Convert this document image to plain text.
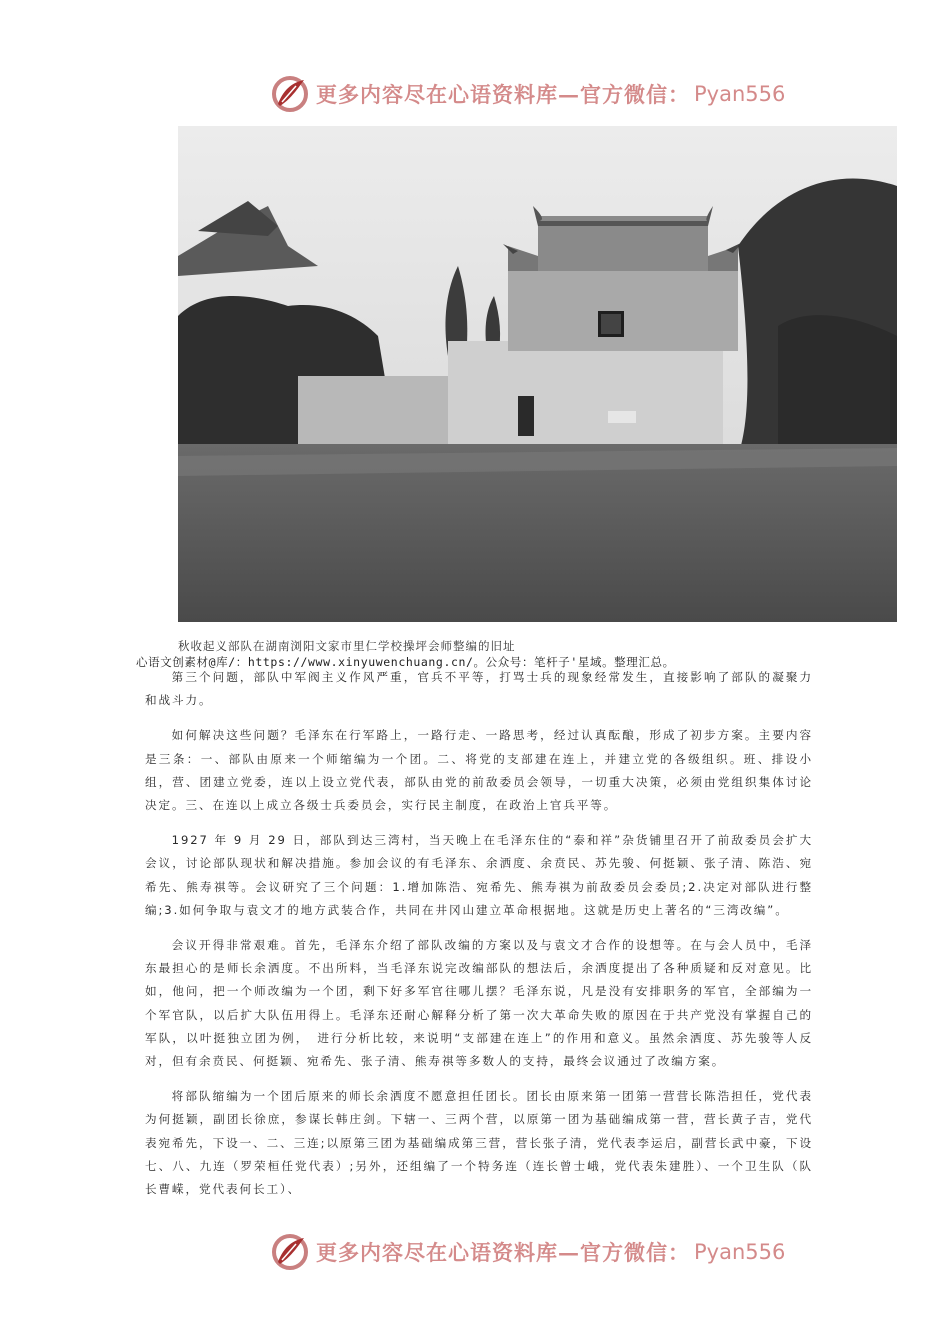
更多内容尽在心语资料库—官方微信： Pyan556
秋收起义部队在湖南浏阳文家市里仁学校操坪会师整编的旧址
心语文创素材@库/：https://www.xinyuwenchuang.cn/。公众号：笔杆子'星域。整理汇总。

第三个问题，部队中军阀主义作风严重，官兵不平等，打骂士兵的现象经常发生，直接影响了部队的凝聚力和战斗力。

如何解决这些问题？毛泽东在行军路上，一路行走、一路思考，经过认真酝酿，形成了初步方案。主要内容是三条：一、部队由原来一个师缩编为一个团。二、将党的支部建在连上，并建立党的各级组织。班、排设小组，营、团建立党委，连以上设立党代表，部队由党的前敌委员会领导，一切重大决策，必须由党组织集体讨论决定。三、在连以上成立各级士兵委员会，实行民主制度，在政治上官兵平等。

1927 年 9 月 29 日，部队到达三湾村，当天晚上在毛泽东住的“泰和祥”杂货铺里召开了前敌委员会扩大会议，讨论部队现状和解决措施。参加会议的有毛泽东、余洒度、余贲民、苏先骏、何挺颖、张子清、陈浩、宛希先、熊寿祺等。会议研究了三个问题：1.增加陈浩、宛希先、熊寿祺为前敌委员会委员;2.决定对部队进行整编;3.如何争取与袁文才的地方武装合作，共同在井冈山建立革命根据地。这就是历史上著名的“三湾改编”。

会议开得非常艰难。首先，毛泽东介绍了部队改编的方案以及与袁文才合作的设想等。在与会人员中，毛泽东最担心的是师长余洒度。不出所料，当毛泽东说完改编部队的想法后，余洒度提出了各种质疑和反对意见。比如，他问，把一个师改编为一个团，剩下好多军官往哪儿摆？毛泽东说，凡是没有安排职务的军官，全部编为一个军官队，以后扩大队伍用得上。毛泽东还耐心解释分析了第一次大革命失败的原因在于共产党没有掌握自己的军队，以叶挺独立团为例，　进行分析比较，来说明“支部建在连上”的作用和意义。虽然余洒度、苏先骏等人反对，但有余贲民、何挺颖、宛希先、张子清、熊寿祺等多数人的支持，最终会议通过了改编方案。

将部队缩编为一个团后原来的师长余洒度不愿意担任团长。团长由原来第一团第一营营长陈浩担任，党代表为何挺颖，副团长徐庶，参谋长韩庄剑。下辖一、三两个营，以原第一团为基础编成第一营，营长黄子吉，党代表宛希先，下设一、二、三连;以原第三团为基础编成第三营，营长张子清，党代表李运启，副营长武中豪，下设七、八、九连（罗荣桓任党代表）;另外，还组编了一个特务连（连长曾士峨，党代表朱建胜）、一个卫生队（队长曹嵘，党代表何长工）、

更多内容尽在心语资料库—官方微信： Pyan556
